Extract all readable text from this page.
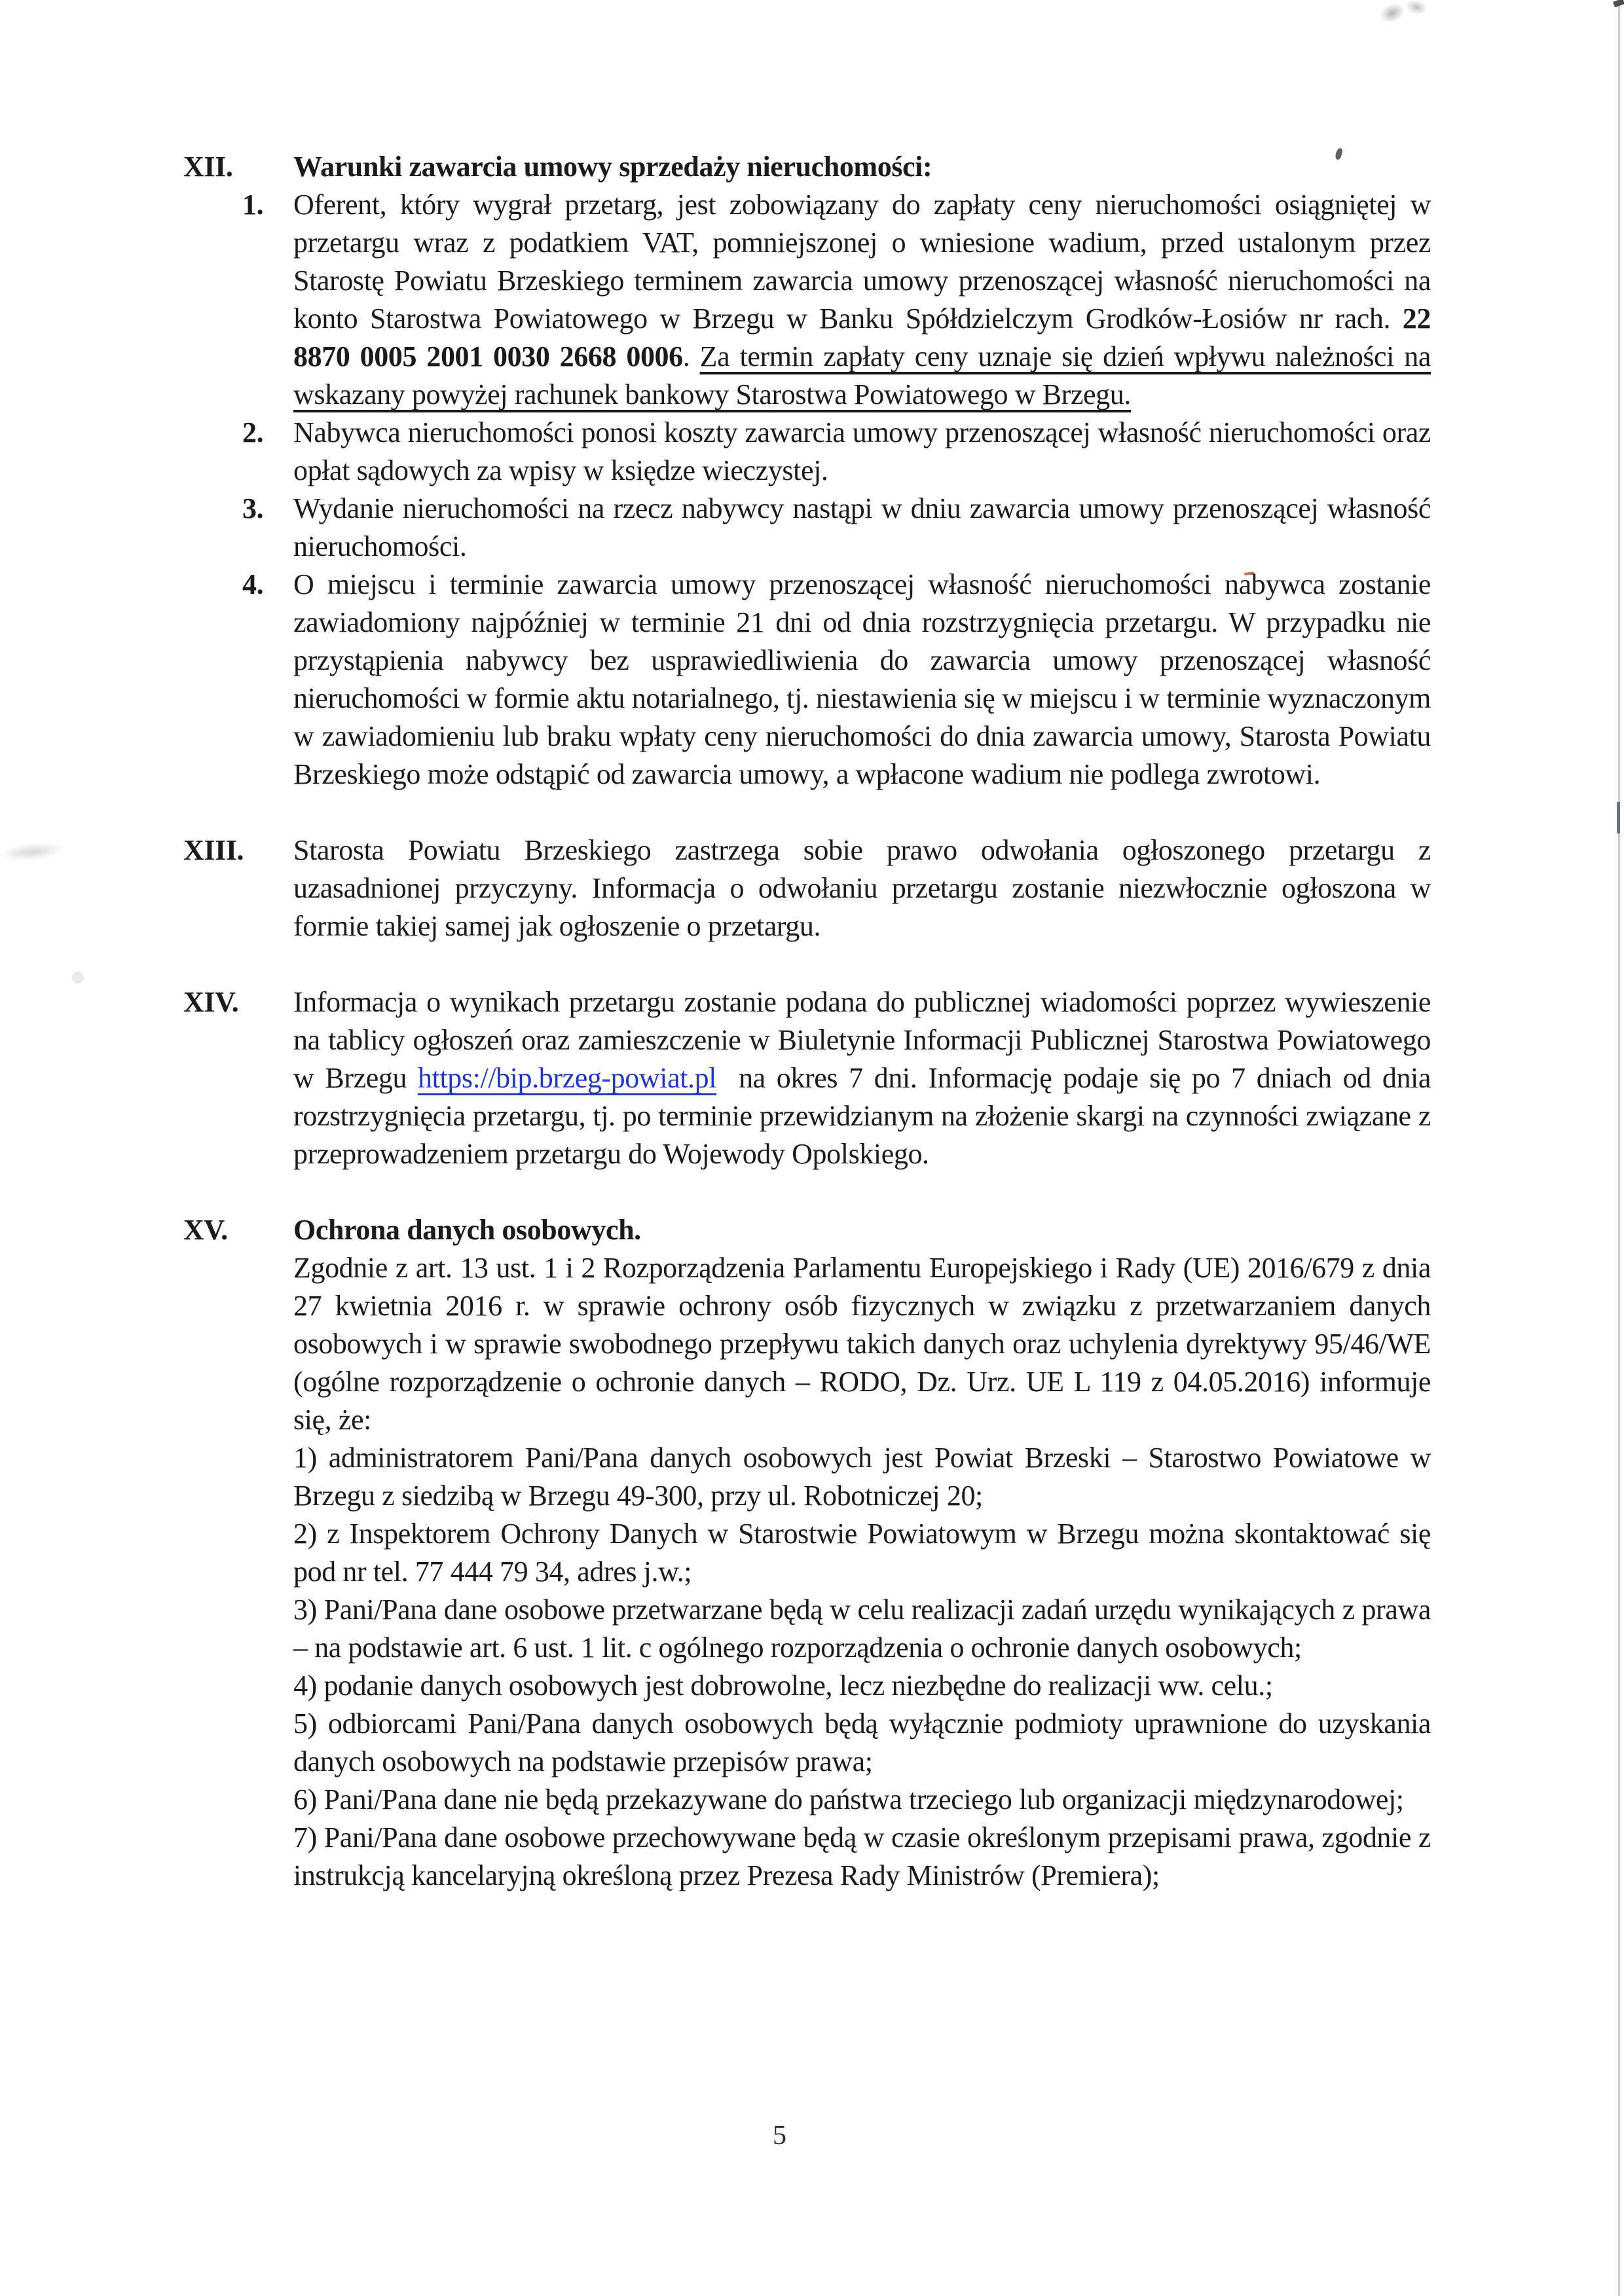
XII.	Warunki zawarcia umowy sprzedaży nieruchomości:
1.	Oferent, który wygrał przetarg, jest zobowiązany do zapłaty ceny nieruchomości osiągniętej w przetargu wraz z podatkiem VAT, pomniejszonej o wniesione wadium, przed ustalonym przez Starostę Powiatu Brzeskiego terminem zawarcia umowy przenoszącej własność nieruchomości na konto Starostwa Powiatowego w Brzegu w Banku Spółdzielczym Grodków-Łosiów nr rach. 22 8870 0005 2001 0030 2668 0006. Za termin zapłaty ceny uznaje się dzień wpływu należności na wskazany powyżej rachunek bankowy Starostwa Powiatowego w Brzegu.

2.	Nabywca nieruchomości ponosi koszty zawarcia umowy przenoszącej własność nieruchomości oraz opłat sądowych za wpisy w księdze wieczystej.

3.	Wydanie nieruchomości na rzecz nabywcy nastąpi w dniu zawarcia umowy przenoszącej własność nieruchomości.

4.	O miejscu i terminie zawarcia umowy przenoszącej własność nieruchomości nabywca zostanie zawiadomiony najpóźniej w terminie 21 dni od dnia rozstrzygnięcia przetargu. W przypadku nie przystąpienia nabywcy bez usprawiedliwienia do zawarcia umowy przenoszącej własność nieruchomości w formie aktu notarialnego, tj. niestawienia się w miejscu i w terminie wyznaczonym w zawiadomieniu lub braku wpłaty ceny nieruchomości do dnia zawarcia umowy, Starosta Powiatu Brzeskiego może odstąpić od zawarcia umowy, a wpłacone wadium nie podlega zwrotowi.

XIII.	Starosta Powiatu Brzeskiego zastrzega sobie prawo odwołania ogłoszonego przetargu z uzasadnionej przyczyny. Informacja o odwołaniu przetargu zostanie niezwłocznie ogłoszona w formie takiej samej jak ogłoszenie o przetargu.

XIV.	Informacja o wynikach przetargu zostanie podana do publicznej wiadomości poprzez wywieszenie na tablicy ogłoszeń oraz zamieszczenie w Biuletynie Informacji Publicznej Starostwa Powiatowego w Brzegu https://bip.brzeg-powiat.pl  na okres 7 dni. Informację podaje się po 7 dniach od dnia rozstrzygnięcia przetargu, tj. po terminie przewidzianym na złożenie skargi na czynności związane z przeprowadzeniem przetargu do Wojewody Opolskiego.

XV.	Ochrona danych osobowych.

Zgodnie z art. 13 ust. 1 i 2 Rozporządzenia Parlamentu Europejskiego i Rady (UE) 2016/679 z dnia 27 kwietnia 2016 r. w sprawie ochrony osób fizycznych w związku z przetwarzaniem danych osobowych i w sprawie swobodnego przepływu takich danych oraz uchylenia dyrektywy 95/46/WE (ogólne rozporządzenie o ochronie danych – RODO, Dz. Urz. UE L 119 z 04.05.2016) informuje się, że:

1) administratorem Pani/Pana danych osobowych jest Powiat Brzeski – Starostwo Powiatowe w Brzegu z siedzibą w Brzegu 49-300, przy ul. Robotniczej 20;

2) z Inspektorem Ochrony Danych w Starostwie Powiatowym w Brzegu można skontaktować się pod nr tel. 77 444 79 34, adres j.w.;

3) Pani/Pana dane osobowe przetwarzane będą w celu realizacji zadań urzędu wynikających z prawa – na podstawie art. 6 ust. 1 lit. c ogólnego rozporządzenia o ochronie danych osobowych;

4) podanie danych osobowych jest dobrowolne, lecz niezbędne do realizacji ww. celu.;

5) odbiorcami Pani/Pana danych osobowych będą wyłącznie podmioty uprawnione do uzyskania danych osobowych na podstawie przepisów prawa;

6) Pani/Pana dane nie będą przekazywane do państwa trzeciego lub organizacji międzynarodowej;

7) Pani/Pana dane osobowe przechowywane będą w czasie określonym przepisami prawa, zgodnie z instrukcją kancelaryjną określoną przez Prezesa Rady Ministrów (Premiera);

5
